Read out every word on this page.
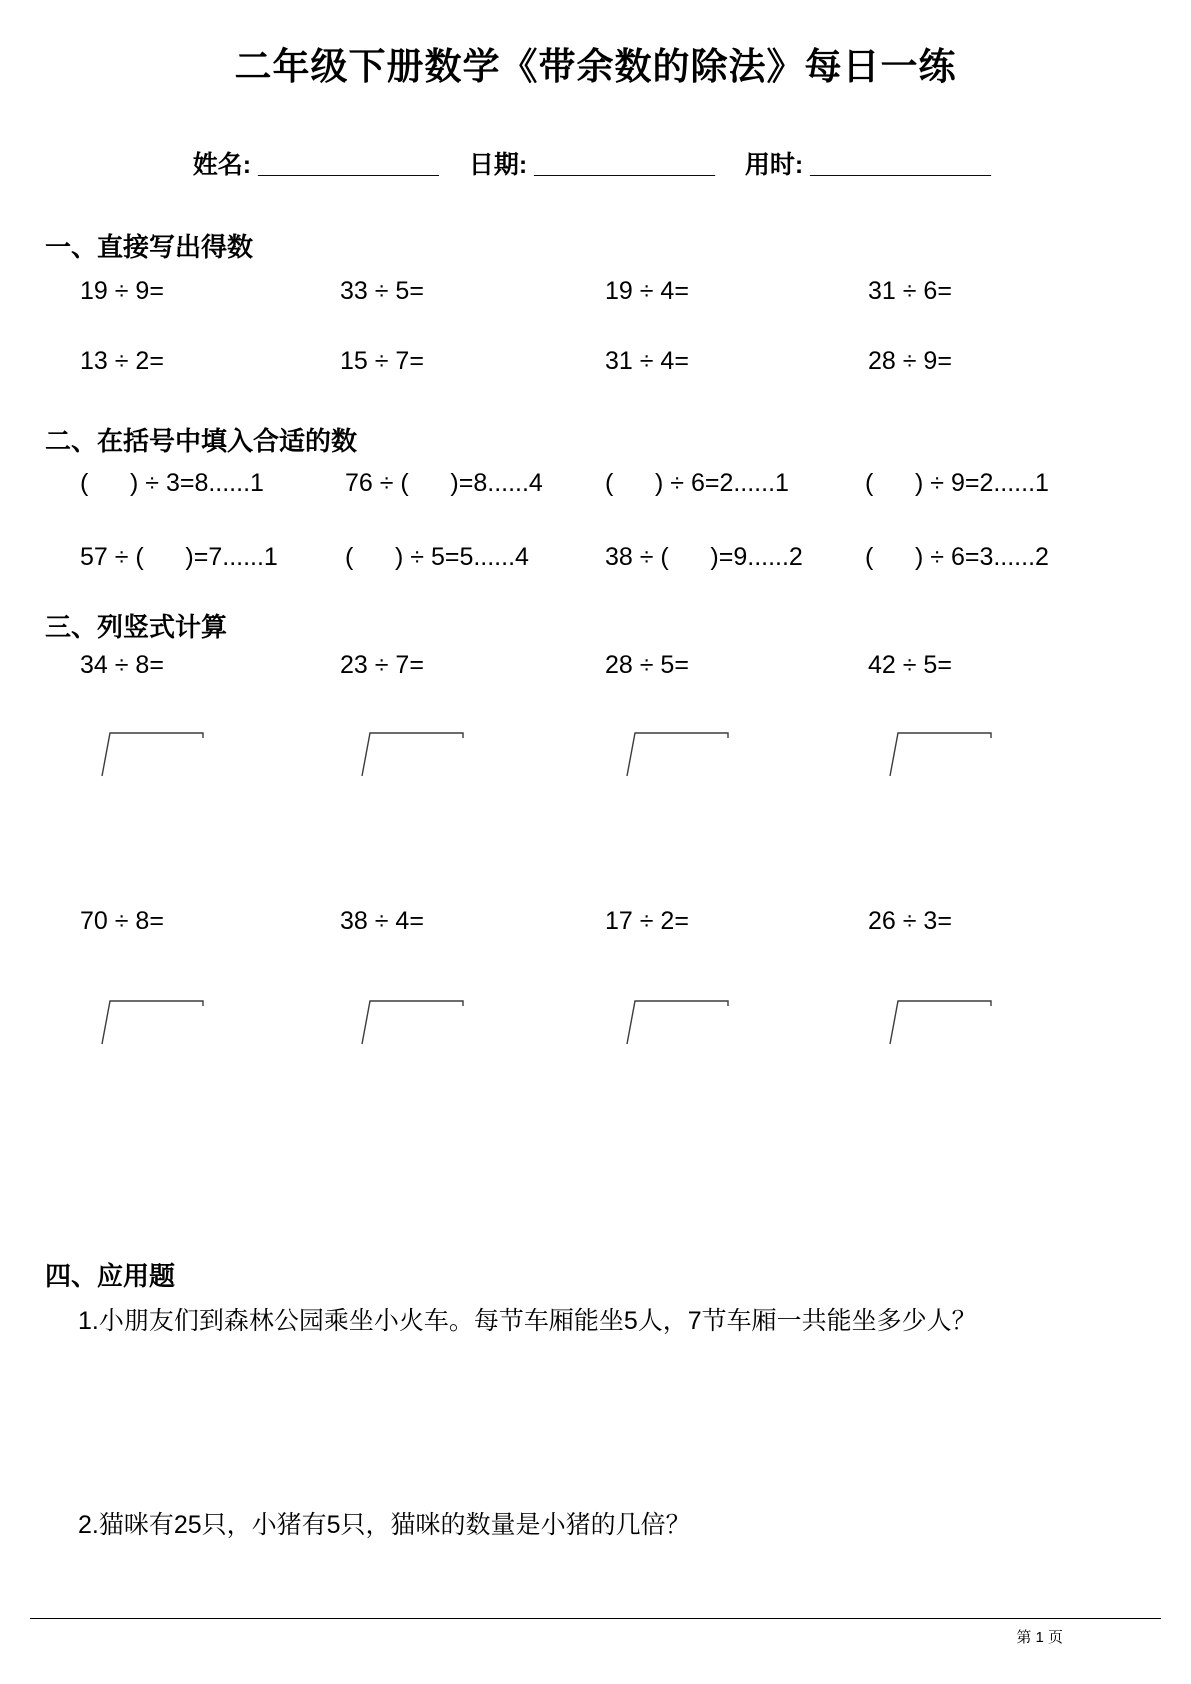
二年级下册数学《带余数的除法》每日一练

姓名: _____________ 日期: _____________ 用时: _____________

一、直接写出得数
19 ÷ 9=	33 ÷ 5=	19 ÷ 4=	31 ÷ 6=
13 ÷ 2=	15 ÷ 7=	31 ÷ 4=	28 ÷ 9=
二、在括号中填入合适的数
(      ) ÷ 3=8......1	76 ÷ (      )=8......4	(      ) ÷ 6=2......1	(      ) ÷ 9=2......1
57 ÷ (      )=7......1	(      ) ÷ 5=5......4	38 ÷ (      )=9......2	(      ) ÷ 6=3......2
三、列竖式计算
34 ÷ 8=	23 ÷ 7=	28 ÷ 5=	42 ÷ 5=
70 ÷ 8=	38 ÷ 4=	17 ÷ 2=	26 ÷ 3=
四、应用题
1.小朋友们到森林公园乘坐小火车。每节车厢能坐5人，7节车厢一共能坐多少人？
2.猫咪有25只，小猪有5只，猫咪的数量是小猪的几倍？
第 1 页
